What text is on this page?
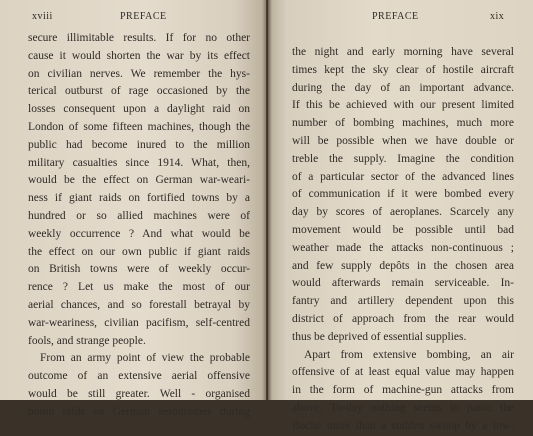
xviii	PREFACE
secure illimitable results. If for no other
cause it would shorten the war by its effect
on civilian nerves. We remember the hys-
terical outburst of rage occasioned by the
losses consequent upon a daylight raid on
London of some fifteen machines, though the
public had become inured to the million
military casualties since 1914. What, then,
would be the effect on German war-weari-
ness if giant raids on fortified towns by a
hundred or so allied machines were of
weekly occurrence ? And what would be
the effect on our own public if giant raids
on British towns were of weekly occur-
rence ? Let us make the most of our
aerial chances, and so forestall betrayal by
war-weariness, civilian pacifism, self-centred
fools, and strange people.
From an army point of view the probable
outcome of an extensive aerial offensive
would be still greater. Well - organised
bomb raids on German aerodromes during
PREFACE	xix
the night and early morning have several
times kept the sky clear of hostile aircraft
during the day of an important advance.
If this be achieved with our present limited
number of bombing machines, much more
will be possible when we have double or
treble the supply. Imagine the condition
of a particular sector of the advanced lines
of communication if it were bombed every
day by scores of aeroplanes. Scarcely any
movement would be possible until bad
weather made the attacks non-continuous ;
and few supply depôts in the chosen area
would afterwards remain serviceable. In-
fantry and artillery dependent upon this
district of approach from the rear would
thus be deprived of essential supplies.
Apart from extensive bombing, an air
offensive of at least equal value may happen
in the form of machine-gun attacks from
above. To-day nothing seems to panic the
Boche more than a sudden swoop by a low-
